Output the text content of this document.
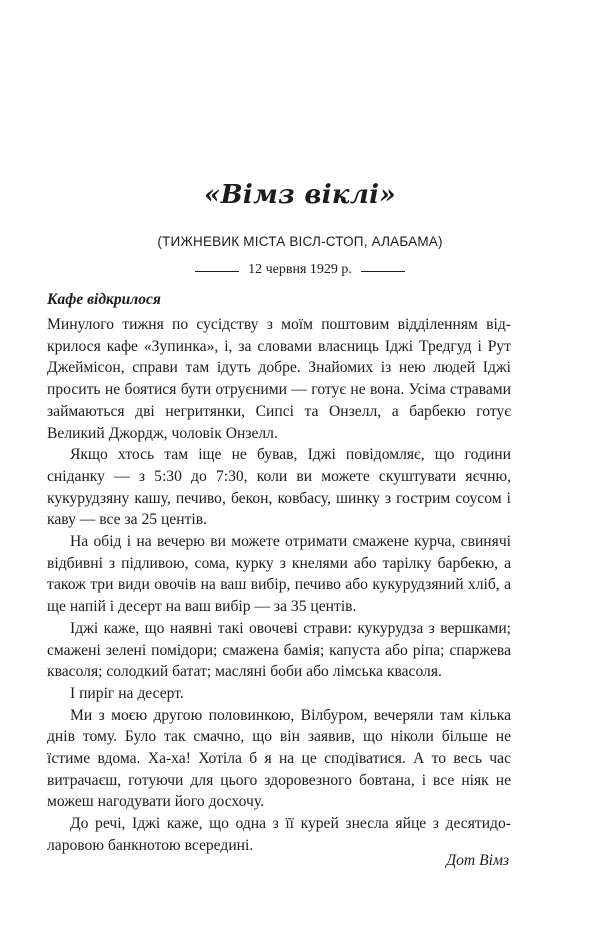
«Вімз віклі»
(ТИЖНЕВИК МІСТА ВІСЛ-СТОП, АЛАБАМА)
12 червня 1929 р.
Кафе відкрилося

Минулого тижня по сусідству з моїм поштовим відділенням відкрилося кафе «Зупинка», і, за словами власниць Іджі Тредгуд і Рут Джеймісон, справи там ідуть добре. Знайомих із нею людей Іджі просить не боятися бути отруєними — готує не вона. Усіма стравами займаються дві негритянки, Сипсі та Онзелл, а барбекю готує Великий Джордж, чоловік Онзелл.

Якщо хтось там іще не бував, Іджі повідомляє, що години сніданку — з 5:30 до 7:30, коли ви можете скуштувати яєчню, кукурудзяну кашу, печиво, бекон, ковбасу, шинку з гострим соусом і каву — все за 25 центів.

На обід і на вечерю ви можете отримати смажене курча, свинячі відбивні з підливою, сома, курку з кнелями або тарілку барбекю, а також три види овочів на ваш вибір, печиво або кукурудзяний хліб, а ще напій і десерт на ваш вибір — за 35 центів.

Іджі каже, що наявні такі овочеві страви: кукурудза з вершками; смажені зелені помідори; смажена бамія; капуста або ріпа; спаржева квасоля; солодкий батат; масляні боби або лімська квасоля.

І пиріг на десерт.

Ми з моєю другою половинкою, Вілбуром, вечеряли там кілька днів тому. Було так смачно, що він заявив, що ніколи більше не їстиме вдома. Ха-ха! Хотіла б я на це сподіватися. А то весь час витрачаєш, готуючи для цього здоровезного бовтана, і все ніяк не можеш нагодувати його досхочу.

До речі, Іджі каже, що одна з її курей знесла яйце з десятидоларовою банкнотою всередині.

Дот Вімз
